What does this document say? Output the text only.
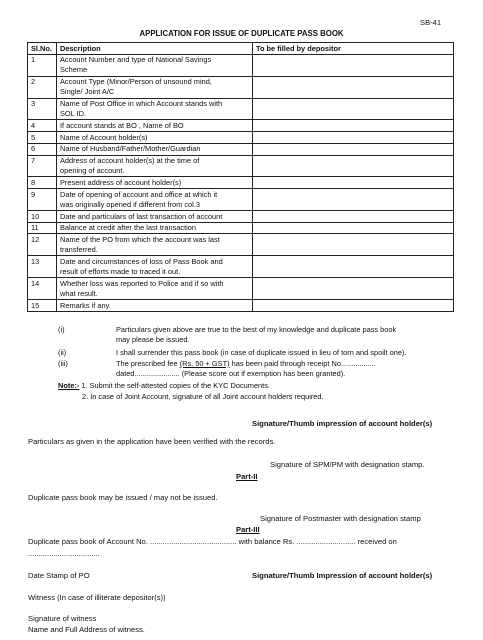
SB-41
APPLICATION FOR ISSUE OF DUPLICATE PASS BOOK
Sl.No.	Description	To be filled by depositor
1	Account Number and type of National Savings
Scheme	
2	Account Type (Minor/Person of unsound mind,
Single/ Joint A/C	
3	Name of Post Office in which Account stands with
SOL ID.	
4	If account stands at BO , Name of BO	
5	Name of Account holder(s)	
6	Name of Husband/Father/Mother/Guardian	
7	Address of account holder(s) at the time of
opening of account.	
8	Present address of account holder(s)	
9	Date of opening of account and office at which it
was originally opened if different from col.3	
10	Date and particulars of last transaction of account	
11	Balance at credit after the last transaction	
12	Name of the PO from which the account was last
transferred.	
13	Date and circumstances of loss of Pass Book and
result of efforts made to traced it out.	
14	Whether loss was reported to Police and if so with
what result.	
15	Remarks if any.	
(i)	Particulars given above are true to the best of my knowledge and duplicate pass book
may please be issued.
(ii)	I shall surrender this pass book (in case of duplicate issued in lieu of torn and spoilt one).
(iii)	The prescribed fee (Rs. 50 + GST) has been paid through receipt No.................
dated...................... (Please score out if exemption has been granted).
Note:- 1. Submit the self-attested copies of the KYC Documents.
2. In case of Joint Account, signature of all Joint account holders required.
Signature/Thumb impression of account holder(s)
Particulars as given in the application have been verified with the records.
Signature of SPM/PM with designation stamp.
Part-II
Duplicate pass book may be issued / may not be issued.
Signature of Postmaster with designation stamp
Part-III
Duplicate pass book of Account No. ......................................... with balance Rs. ............................ received on
..................................
Date Stamp of PO	Signature/Thumb Impression of account holder(s)
Witness (In case of illiterate depositor(s))
Signature of witness
Name and Full Address of witness.
